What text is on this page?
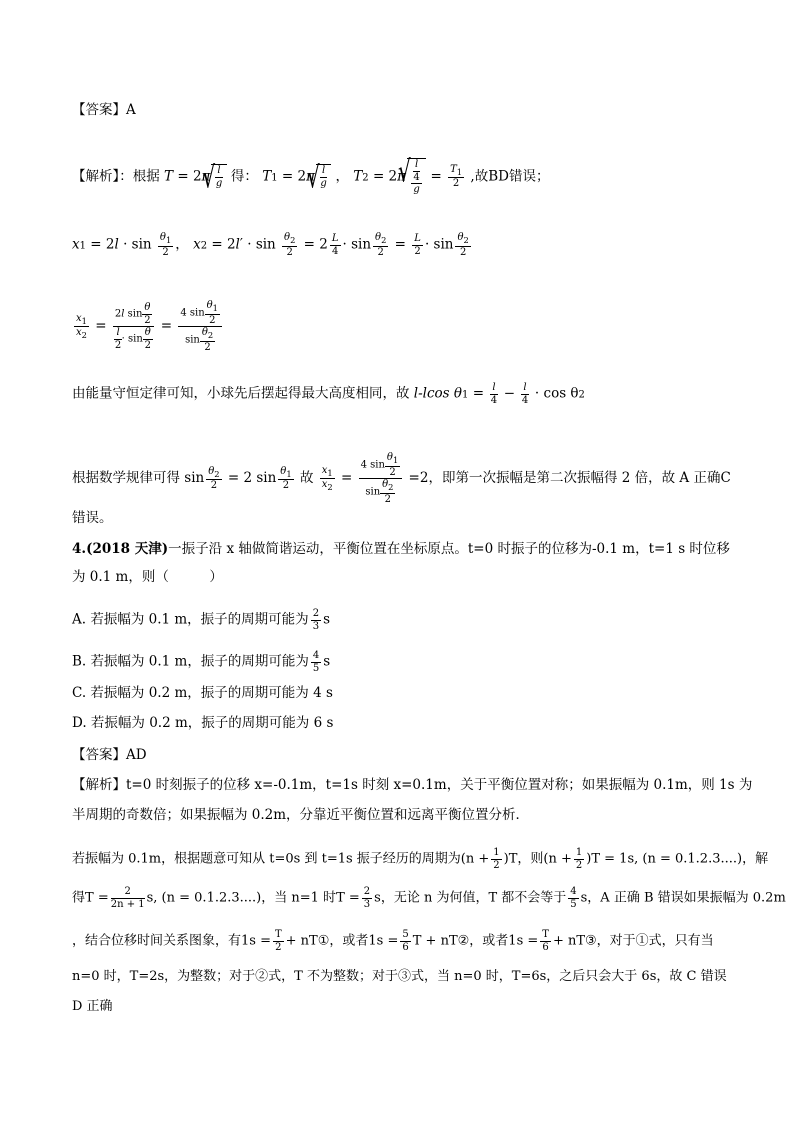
【答案】A
【解析】：根据 T = 2π √ $\frac{l}{g}$ 得： T1 = 2π √ $\frac{l}{g}$ ， T2 = 2π √ $\frac{\frac{l}{4}}{g} = \frac{T_1}{2}$ ,故BD错误；
$x1 = 2l \cdot \sin \frac{\theta_1}{2}$ ， $x2 = 2l' \cdot \sin \frac{\theta_2}{2} = 2 \frac{L}{4} \cdot \sin \frac{\theta_2}{2} = \frac{L}{2} \cdot \sin \frac{\theta_2}{2}$
$\frac{x_1}{x_2} = \frac{2l \sin \frac{\theta}{2}}{\frac{l}{2} \cdot \sin \frac{\theta}{2}} = \frac{4 \sin \frac{\theta_1}{2}}{\sin \frac{\theta_2}{2}}$
由能量守恒定律可知，小球先后摆起得最大高度相同，故 l-lcos $\theta 1 = \frac{l}{4} - \frac{l}{4} \cdot \cos \theta 2$
根据数学规律可得 $\sin \frac{\theta_2}{2} = 2$ $\sin \frac{\theta_1}{2}$ 故 $\frac{x_1}{x_2} = \frac{4 \sin \frac{\theta_1}{2}}{\sin \frac{\theta_2}{2}} =2$，即第一次振幅是第二次振幅得 2 倍，故 A 正确C
错误。
4.(2018 天津)一振子沿 x 轴做简谐运动，平衡位置在坐标原点。t=0 时振子的位移为-0.1 m，t=1 s 时位移
为 0.1 m，则（　　　）
A. 若振幅为 0.1 m，振子的周期可能为 $\frac{2}{3}$ s
B. 若振幅为 0.1 m，振子的周期可能为 $\frac{4}{5}$ s
C. 若振幅为 0.2 m，振子的周期可能为 4 s
D. 若振幅为 0.2 m，振子的周期可能为 6 s
【答案】AD
【解析】t=0 时刻振子的位移 x=-0.1m，t=1s 时刻 x=0.1m，关于平衡位置对称；如果振幅为 0.1m，则 1s 为
半周期的奇数倍；如果振幅为 0.2m，分靠近平衡位置和远离平衡位置分析．
若振幅为 0.1m，根据题意可知从 t=0s 到 t=1s 振子经历的周期为$(n + \frac{1}{2} )T$，则$(n + \frac{1}{2} )T = 1s$, (n = 0.1.2.3....)，解
得$T = \frac{2}{2n + 1} s$, (n = 0.1.2.3....)，当 n=1 时$T = \frac{2}{3}$ s，无论 n 为何值，T 都不会等于 $\frac{4}{5}$ s，A 正确 B 错误如果振幅为 0.2m
，结合位移时间关系图象，有$1s = \frac{T}{2}$ + nT①，或者$1s = \frac{5}{6}$ T + nT②，或者$1s = \frac{T}{6}$ + nT③，对于①式，只有当
n=0 时，T=2s，为整数；对于②式，T 不为整数；对于③式，当 n=0 时，T=6s，之后只会大于 6s，故 C 错误
D 正确
